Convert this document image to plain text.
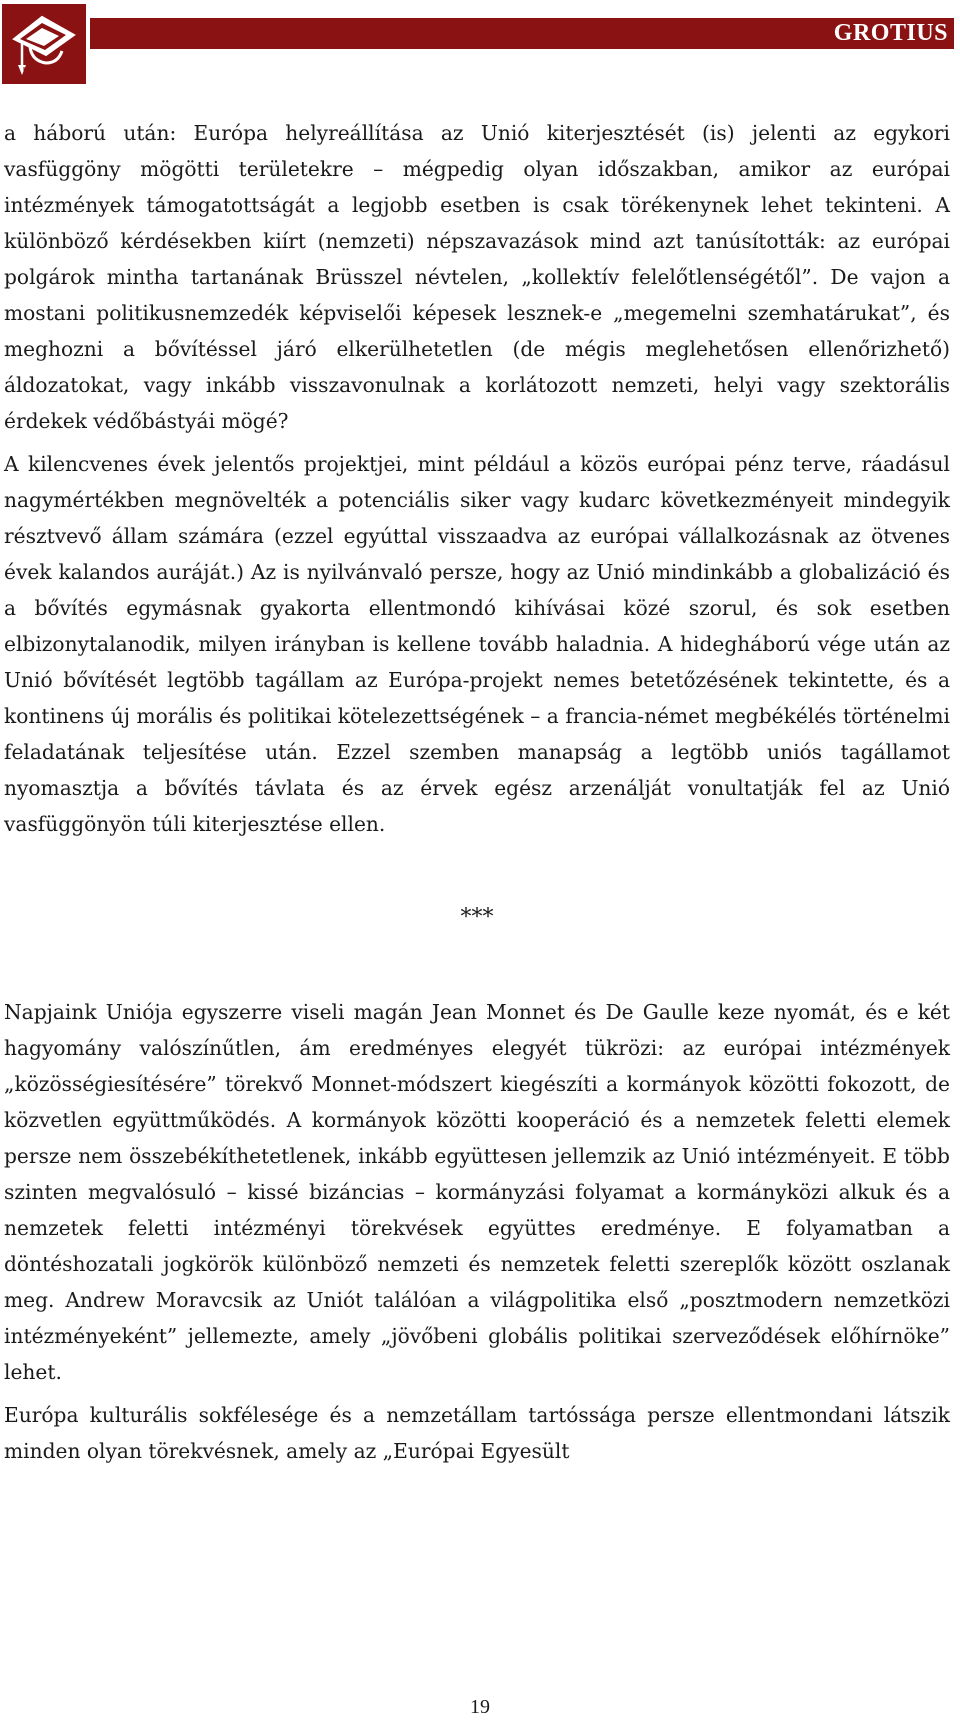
GROTIUS

a háború után: Európa helyreállítása az Unió kiterjesztését (is) jelenti az egykori vasfüggöny mögötti területekre – mégpedig olyan időszakban, amikor az európai intézmények támogatottságát a legjobb esetben is csak törékenynek lehet tekinteni. A különböző kérdésekben kiírt (nemzeti) népszavazások mind azt tanúsították: az európai polgárok mintha tartanának Brüsszel névtelen, „kollektív felelőtlenségétől”. De vajon a mostani politikusnemzedék képviselői képesek lesznek-e „megemelni szemhatárukat”, és meghozni a bővítéssel járó elkerülhetetlen (de mégis meglehetősen ellenőrizhető) áldozatokat, vagy inkább visszavonulnak a korlátozott nemzeti, helyi vagy szektorális érdekek védőbástyái mögé?

A kilencvenes évek jelentős projektjei, mint például a közös európai pénz terve, ráadásul nagymértékben megnövelték a potenciális siker vagy kudarc következményeit mindegyik résztvevő állam számára (ezzel egyúttal visszaadva az európai vállalkozásnak az ötvenes évek kalandos auráját.) Az is nyilvánvaló persze, hogy az Unió mindinkább a globalizáció és a bővítés egymásnak gyakorta ellentmondó kihívásai közé szorul, és sok esetben elbizonytalanodik, milyen irányban is kellene tovább haladnia. A hidegháború vége után az Unió bővítését legtöbb tagállam az Európa-projekt nemes betetőzésének tekintette, és a kontinens új morális és politikai kötelezettségének – a francia-német megbékélés történelmi feladatának teljesítése után. Ezzel szemben manapság a legtöbb uniós tagállamot nyomasztja a bővítés távlata és az érvek egész arzenálját vonultatják fel az Unió vasfüggönyön túli kiterjesztése ellen.

***

Napjaink Uniója egyszerre viseli magán Jean Monnet és De Gaulle keze nyomát, és e két hagyomány valószínűtlen, ám eredményes elegyét tükrözi: az európai intézmények „közösségiesítésére” törekvő Monnet-módszert kiegészíti a kormányok közötti fokozott, de közvetlen együttműködés. A kormányok közötti kooperáció és a nemzetek feletti elemek persze nem összebékíthetetlenek, inkább együttesen jellemzik az Unió intézményeit. E több szinten megvalósuló – kissé bizáncias – kormányzási folyamat a kormányközi alkuk és a nemzetek feletti intézményi törekvések együttes eredménye. E folyamatban a döntéshozatali jogkörök különböző nemzeti és nemzetek feletti szereplők között oszlanak meg. Andrew Moravcsik az Uniót találóan a világpolitika első „posztmodern nemzetközi intézményeként” jellemezte, amely „jövőbeni globális politikai szerveződések előhírnöke” lehet.

Európa kulturális sokfélesége és a nemzetállam tartóssága persze ellentmondani látszik minden olyan törekvésnek, amely az „Európai Egyesült

19
